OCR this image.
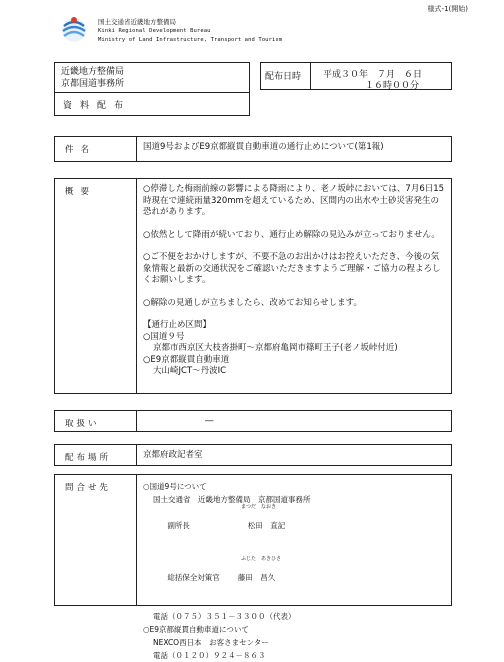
様式-1(開始)
国土交通省近畿地方整備局
Kinki Regional Development Bureau
Ministry of Land Infrastructure, Transport and Tourism
近畿地方整備局
京都国道事務所
資料配布
配布日時	平成３０年　７月　６日
１６時００分
件名	国道9号およびE9京都縦貫自動車道の通行止めについて(第1報)
概要	○停滞した梅雨前線の影響による降雨により、老ノ坂峠においては、7月6日15時現在で連続雨量320mmを超えているため、区間内の出水や土砂災害発生の恐れがあります。

○依然として降雨が続いており、通行止め解除の見込みが立っておりません。

○ご不便をおかけしますが、不要不急のお出かけはお控えいただき、今後の気象情報と最新の交通状況をご確認いただきますようご理解・ご協力の程よろしくお願いします。

○解除の見通しが立ちましたら、改めてお知らせします。

【通行止め区間】
○国道９号
京都市西京区大枝沓掛町～京都府亀岡市篠町王子(老ノ坂峠付近)
○E9京都縦貫自動車道
大山崎JCT～丹波IC
取扱い	―
配布場所	京都府政記者室
問合せ先	○国道9号について
国土交通省　近畿地方整備局　京都国道事務所

副所長	松田　直記

まつだ　なおき

総括保全対策官 藤田　昌久

ふじた　あきひさ

電話（０７５）３５１－３３００（代表）
○E9京都縦貫自動車道について
NEXCO西日本　お客さまセンター
電話（０１２０）９２４－８６３
